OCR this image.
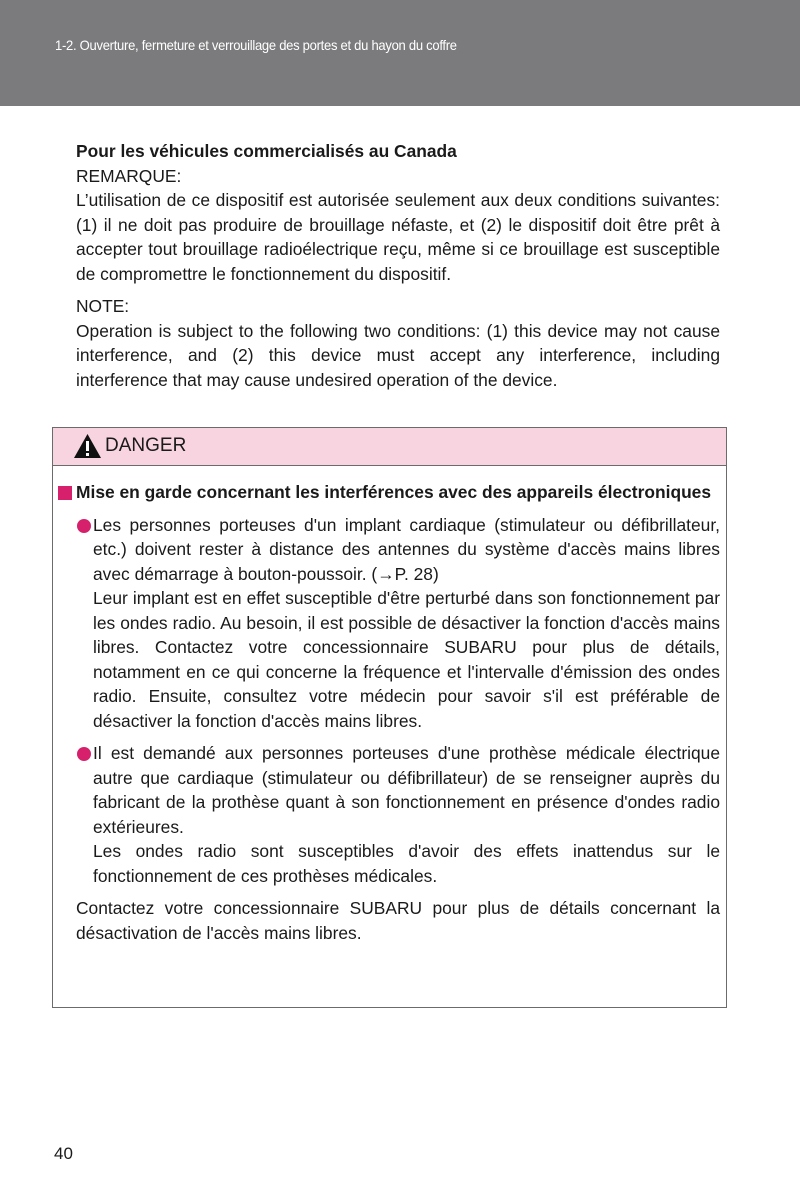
1-2. Ouverture, fermeture et verrouillage des portes et du hayon du coffre

Pour les véhicules commercialisés au Canada

REMARQUE:

L’utilisation de ce dispositif est autorisée seulement aux deux conditions suivantes: (1) il ne doit pas produire de brouillage néfaste, et (2) le dispositif doit être prêt à accepter tout brouillage radioélectrique reçu, même si ce brouillage est susceptible de compromettre le fonctionnement du dispositif.

NOTE:

Operation is subject to the following two conditions: (1) this device may not cause interference, and (2) this device must accept any interference, including interference that may cause undesired operation of the device.

DANGER

Mise en garde concernant les interférences avec des appareils électroniques

Les personnes porteuses d'un implant cardiaque (stimulateur ou défibrillateur, etc.) doivent rester à distance des antennes du système d'accès mains libres avec démarrage à bouton-poussoir. (→P. 28)

Leur implant est en effet susceptible d'être perturbé dans son fonctionnement par les ondes radio. Au besoin, il est possible de désactiver la fonction d'accès mains libres. Contactez votre concessionnaire SUBARU pour plus de détails, notamment en ce qui concerne la fréquence et l'intervalle d'émission des ondes radio. Ensuite, consultez votre médecin pour savoir s'il est préférable de désactiver la fonction d'accès mains libres.

Il est demandé aux personnes porteuses d'une prothèse médicale électrique autre que cardiaque (stimulateur ou défibrillateur) de se renseigner auprès du fabricant de la prothèse quant à son fonctionnement en présence d'ondes radio extérieures.

Les ondes radio sont susceptibles d'avoir des effets inattendus sur le fonctionnement de ces prothèses médicales.

Contactez votre concessionnaire SUBARU pour plus de détails concernant la désactivation de l'accès mains libres.

40
